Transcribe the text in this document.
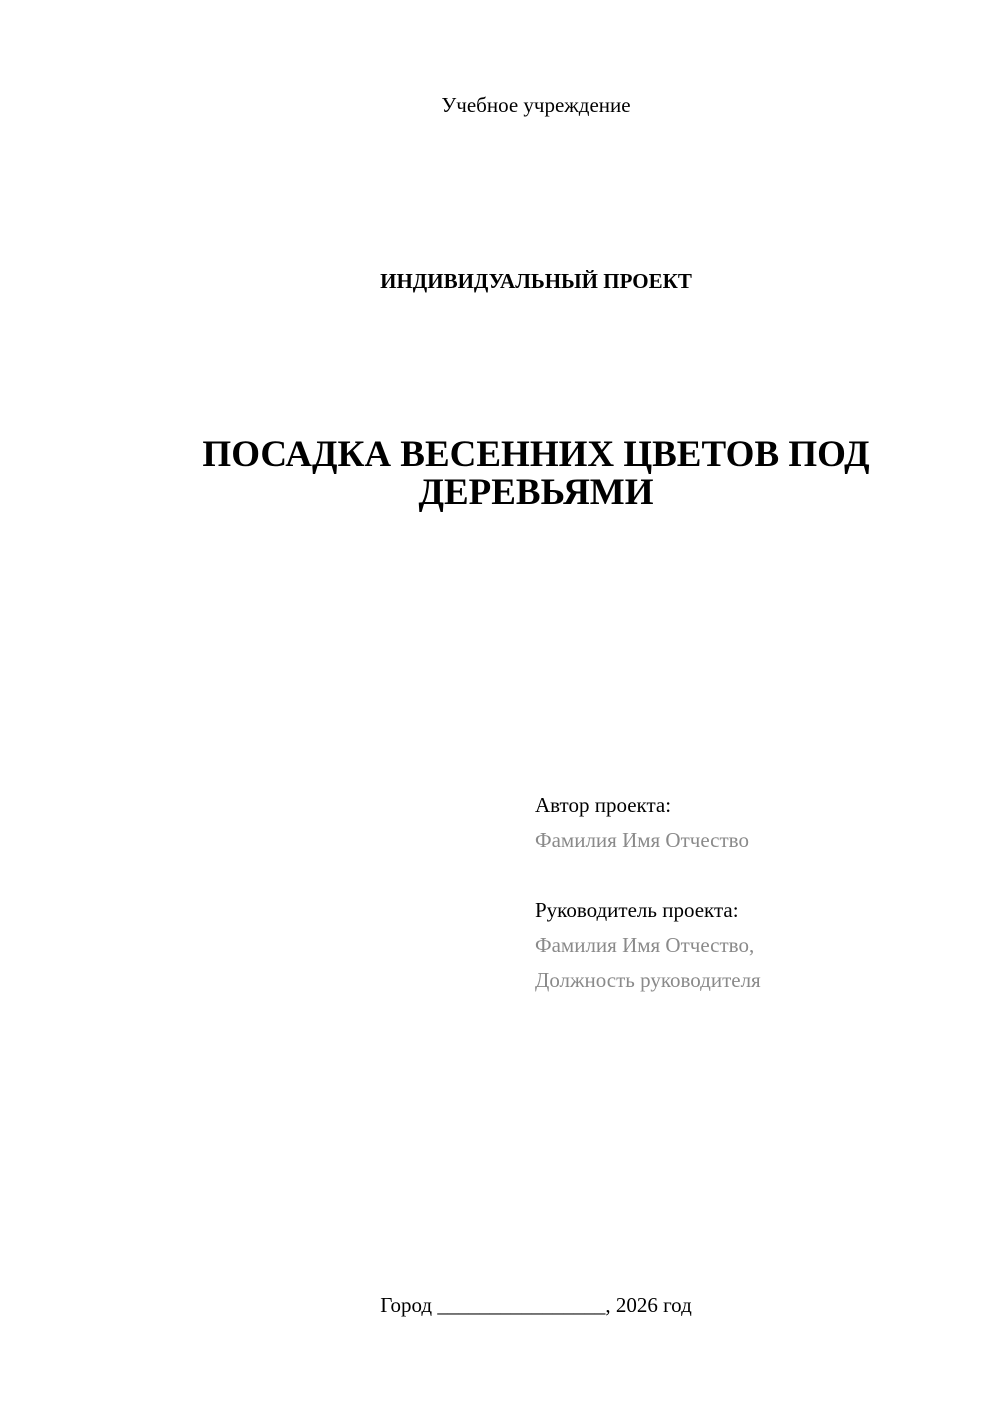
Учебное учреждение
ИНДИВИДУАЛЬНЫЙ ПРОЕКТ
ПОСАДКА ВЕСЕННИХ ЦВЕТОВ ПОД
ДЕРЕВЬЯМИ
Автор проекта:
Фамилия Имя Отчество
Руководитель проекта:
Фамилия Имя Отчество,
Должность руководителя
Город ________________, 2026 год
